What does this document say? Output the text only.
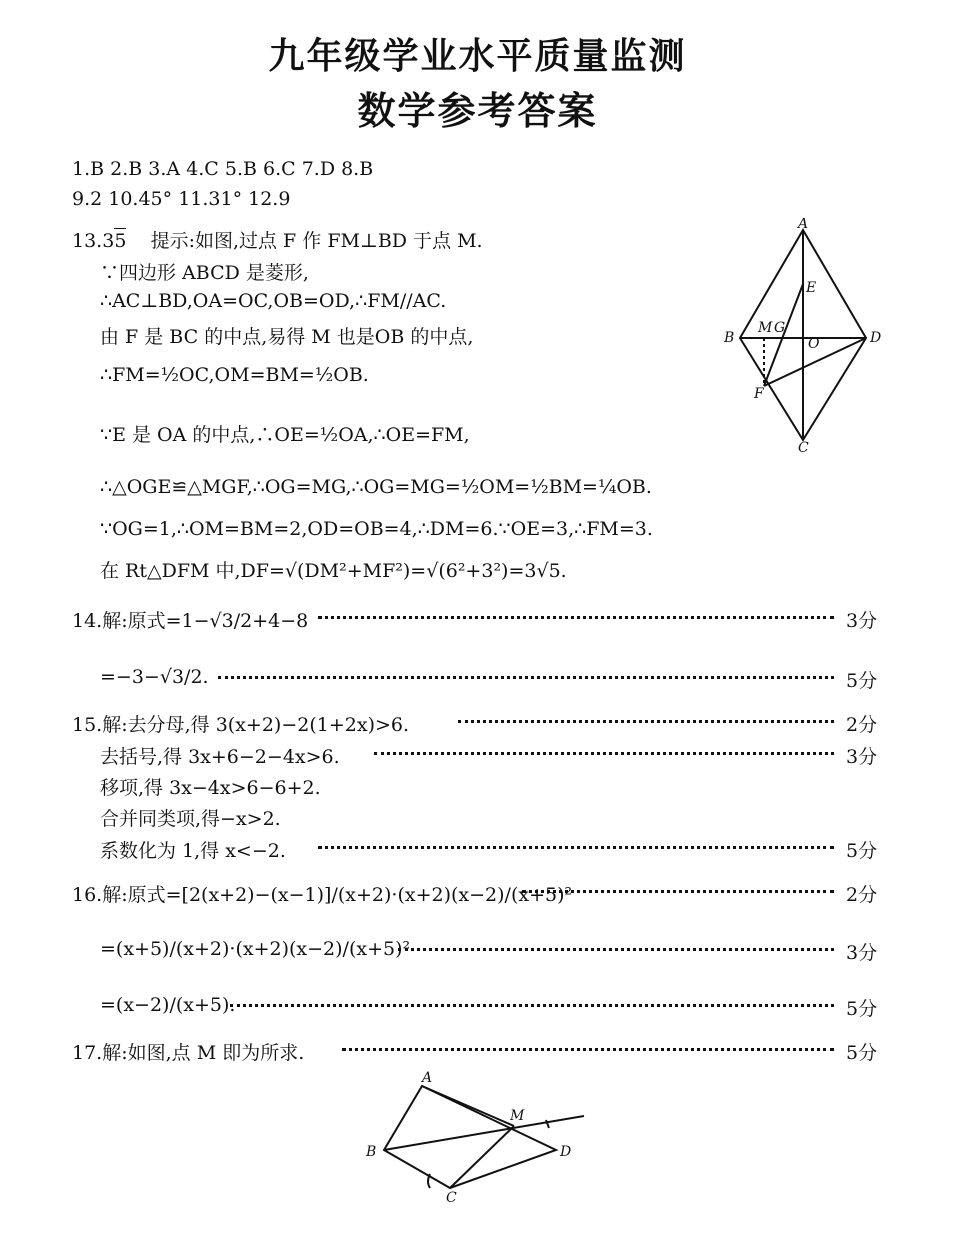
九年级学业水平质量监测
数学参考答案
1.B 2.B 3.A 4.C 5.B 6.C 7.D 8.B
9.2 10.45° 11.31° 12.9
13.35 提示:如图,过点 F 作 FM⊥BD 于点 M.
∵四边形 ABCD 是菱形,
∴AC⊥BD,OA=OC,OB=OD,∴FM//AC.
由 F 是 BC 的中点,易得 M 也是OB 的中点,
∴FM=½OC,OM=BM=½OB.
∵E 是 OA 的中点,∴OE=½OA,∴OE=FM,
∴△OGE≌△MGF,∴OG=MG,∴OG=MG=½OM=½BM=¼OB.
∵OG=1,∴OM=BM=2,OD=OB=4,∴DM=6.∵OE=3,∴FM=3.
在 Rt△DFM 中,DF=√(DM²+MF²)=√(6²+3²)=3√5.
A
B
C
D
E
F
M G
O
14.解:原式=1−√3/2+4−8	3分
=−3−√3/2.	5分
15.解:去分母,得 3(x+2)−2(1+2x)>6.	2分
去括号,得 3x+6−2−4x>6.	3分
移项,得 3x−4x>6−6+2.
合并同类项,得−x>2.
系数化为 1,得 x<−2.	5分
16.解:原式=[2(x+2)−(x−1)]/(x+2)·(x+2)(x−2)/(x+5)²	2分
=(x+5)/(x+2)·(x+2)(x−2)/(x+5)²	3分
=(x−2)/(x+5).	5分
17.解:如图,点 M 即为所求.	5分
A
B
C
D
M
